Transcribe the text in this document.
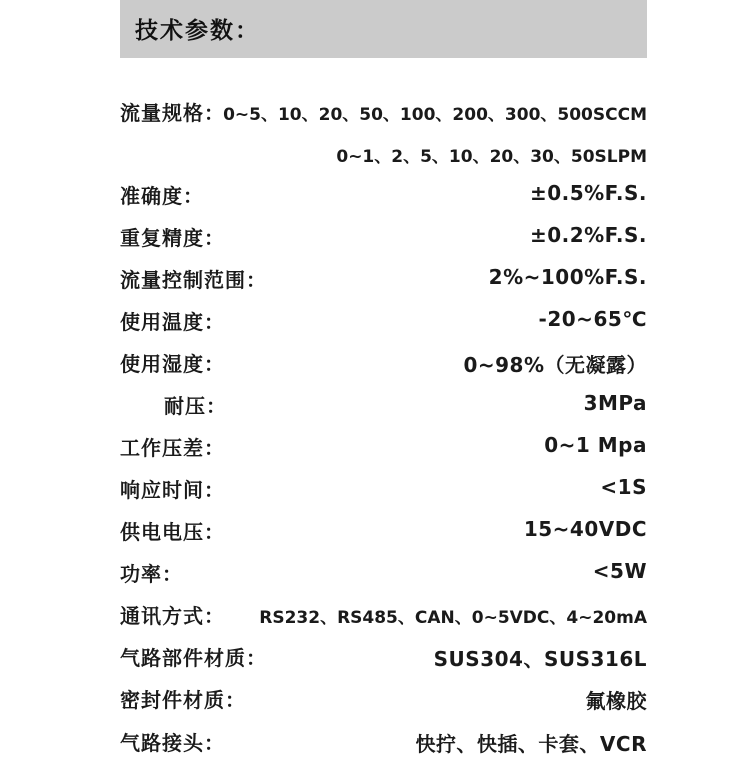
技术参数：
流量规格：
0~5、10、20、50、100、200、300、500SCCM
0~1、2、5、10、20、30、50SLPM
准确度：	±0.5%F.S.
重复精度：	±0.2%F.S.
流量控制范围：	2%~100%F.S.
使用温度：	-20~65℃
使用湿度：	0~98%（无凝露）
耐压：	3MPa
工作压差：	0~1 Mpa
响应时间：	<1S
供电电压：	15~40VDC
功率：	<5W
通讯方式： RS232、RS485、CAN、0~5VDC、4~20mA
气路部件材质：	SUS304、SUS316L
密封件材质：	氟橡胶
气路接头：	快拧、快插、卡套、VCR
